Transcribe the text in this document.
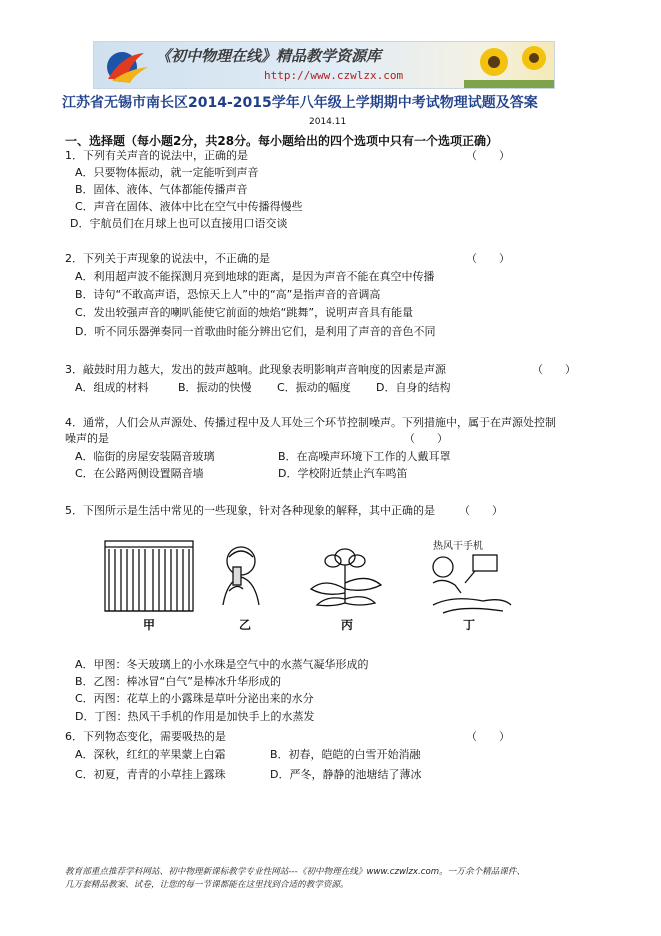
《初中物理在线》精品教学资源库
http://www.czwlzx.com
江苏省无锡市南长区2014-2015学年八年级上学期期中考试物理试题及答案
2014.11
一、选择题（每小题2分，共28分。每小题给出的四个选项中只有一个选项正确）
1．下列有关声音的说法中，正确的是	（　　）
A．只要物体振动，就一定能听到声音
B．固体、液体、气体都能传播声音
C．声音在固体、液体中比在空气中传播得慢些
D．宇航员们在月球上也可以直接用口语交谈
2．下列关于声现象的说法中，不正确的是	（　　）
A．利用超声波不能探测月亮到地球的距离，是因为声音不能在真空中传播
B．诗句“不敢高声语，恐惊天上人”中的“高”是指声音的音调高
C．发出较强声音的喇叭能使它前面的烛焰“跳舞”，说明声音具有能量
D．听不同乐器弹奏同一首歌曲时能分辨出它们，是利用了声音的音色不同
3．敲鼓时用力越大，发出的鼓声越响。此现象表明影响声音响度的因素是声源	（　　）
A．组成的材料	B．振动的快慢 C．振动的幅度 D．自身的结构
4．通常，人们会从声源处、传播过程中及人耳处三个环节控制噪声。下列措施中，属于在声源处控制
噪声的是	（　　）
A．临街的房屋安装隔音玻璃	B．在高噪声环境下工作的人戴耳罩
C．在公路两侧设置隔音墙	D．学校附近禁止汽车鸣笛
5．下图所示是生活中常见的一些现象，针对各种现象的解释，其中正确的是 （　　）
热风干手机
甲	乙	丙	丁
A．甲图：冬天玻璃上的小水珠是空气中的水蒸气凝华形成的
B．乙图：棒冰冒“白气”是棒冰升华形成的
C．丙图：花草上的小露珠是草叶分泌出来的水分
D．丁图：热风干手机的作用是加快手上的水蒸发
6．下列物态变化，需要吸热的是	（　　）
A．深秋，红红的苹果蒙上白霜	B．初春，皑皑的白雪开始消融
C．初夏，青青的小草挂上露珠	D．严冬，静静的池塘结了薄冰
教育部重点推荐学科网站、初中物理新课标教学专业性网站---《初中物理在线》www.czwlzx.com。一万余个精品课件、
几万套精品教案、试卷，让您的每一节课都能在这里找到合适的教学资源。
